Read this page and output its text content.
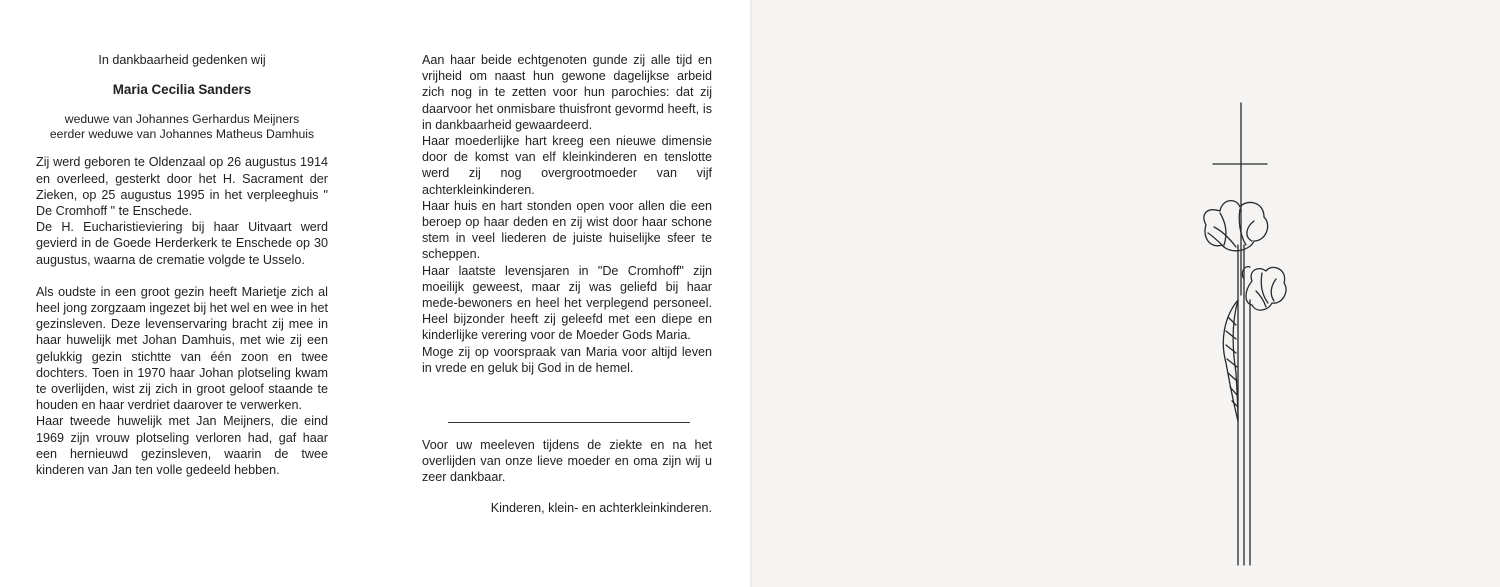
In dankbaarheid gedenken wij

Maria Cecilia Sanders

weduwe van Johannes Gerhardus Meijners
eerder weduwe van Johannes Matheus Damhuis

Zij werd geboren te Oldenzaal op 26 augustus 1914 en overleed, gesterkt door het H. Sacrament der Zieken, op 25 augustus 1995 in het verpleeghuis " De Cromhoff " te Enschede.

De H. Eucharistieviering bij haar Uitvaart werd gevierd in de Goede Herderkerk te Enschede op 30 augustus, waarna de crematie volgde te Usselo.

Als oudste in een groot gezin heeft Marietje zich al heel jong zorgzaam ingezet bij het wel en wee in het gezinsleven. Deze levenservaring bracht zij mee in haar huwelijk met Johan Damhuis, met wie zij een gelukkig gezin stichtte van één zoon en twee dochters. Toen in 1970 haar Johan plotseling kwam te overlijden, wist zij zich in groot geloof staande te houden en haar verdriet daarover te verwerken.

Haar tweede huwelijk met Jan Meijners, die eind 1969 zijn vrouw plotseling verloren had, gaf haar een hernieuwd gezinsleven, waarin de twee kinderen van Jan ten volle gedeeld hebben.

Aan haar beide echtgenoten gunde zij alle tijd en vrijheid om naast hun gewone dagelijkse arbeid zich nog in te zetten voor hun parochies: dat zij daarvoor het onmisbare thuisfront gevormd heeft, is in dankbaarheid gewaardeerd.

Haar moederlijke hart kreeg een nieuwe dimensie door de komst van elf kleinkinderen en tenslotte werd zij nog overgrootmoeder van vijf achterkleinkinderen.

Haar huis en hart stonden open voor allen die een beroep op haar deden en zij wist door haar schone stem in veel liederen de juiste huiselijke sfeer te scheppen.

Haar laatste levensjaren in "De Cromhoff" zijn moeilijk geweest, maar zij was geliefd bij haar mede-bewoners en heel het verplegend personeel. Heel bijzonder heeft zij geleefd met een diepe en kinderlijke verering voor de Moeder Gods Maria.

Moge zij op voorspraak van Maria voor altijd leven in vrede en geluk bij God in de hemel.

Voor uw meeleven tijdens de ziekte en na het overlijden van onze lieve moeder en oma zijn wij u zeer dankbaar.

Kinderen, klein- en achterkleinkinderen.
